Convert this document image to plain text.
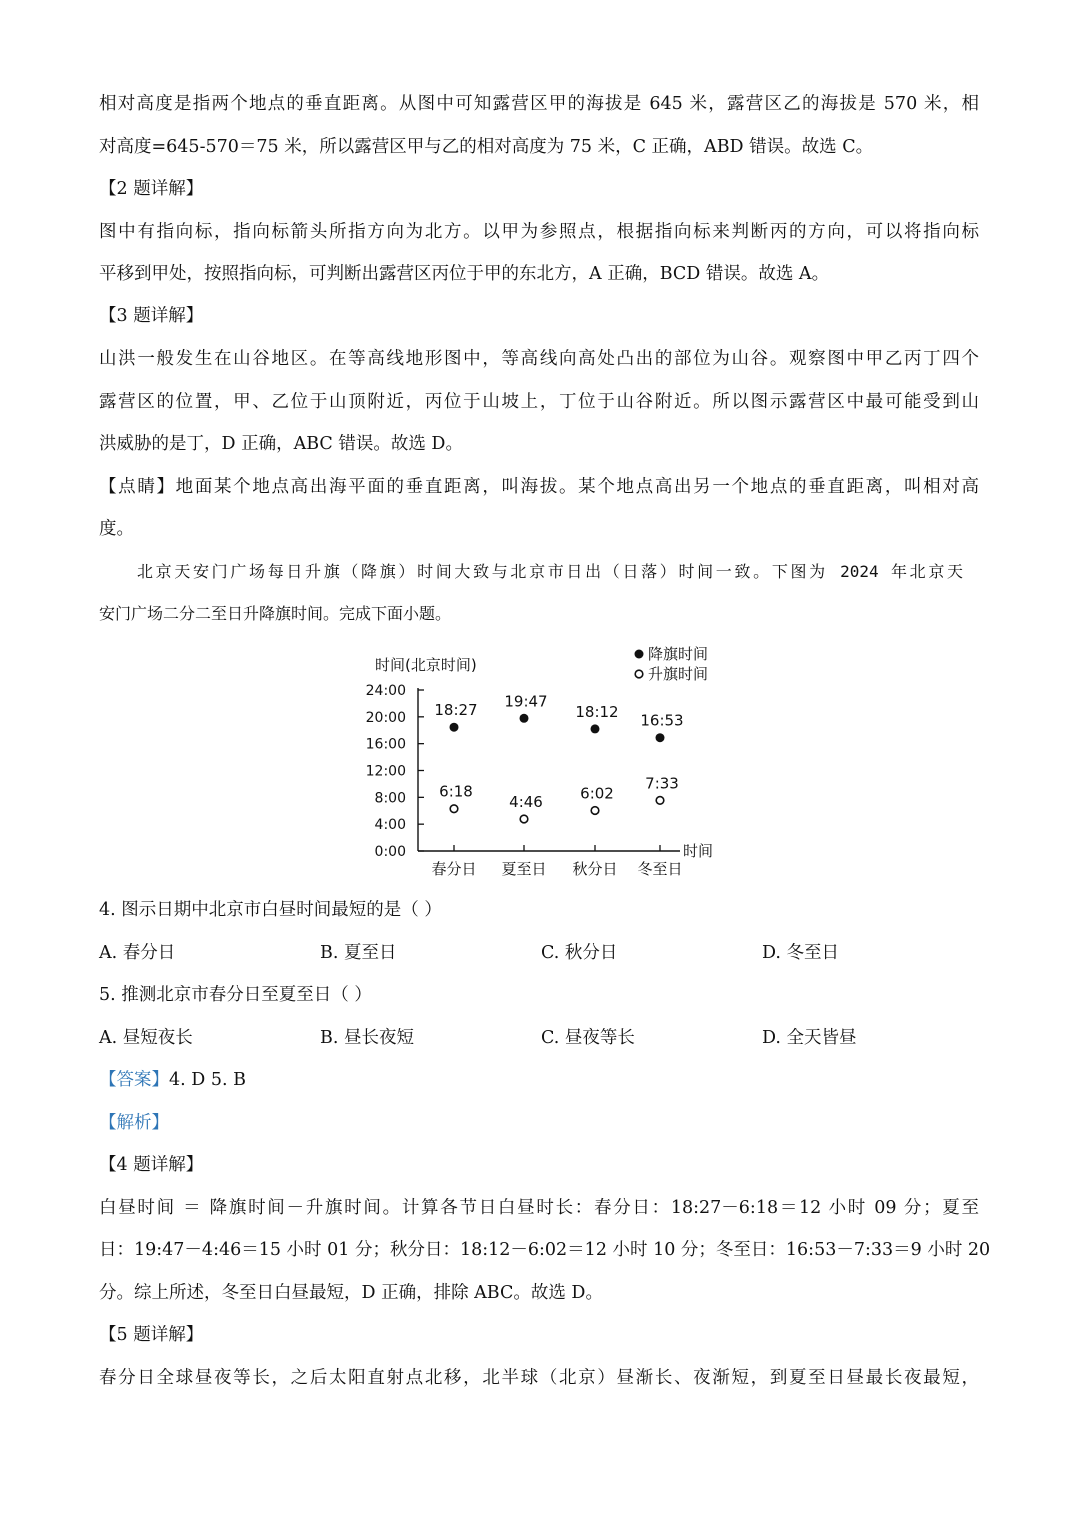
相对高度是指两个地点的垂直距离。从图中可知露营区甲的海拔是 645 米，露营区乙的海拔是 570 米，相
对高度=645-570＝75 米，所以露营区甲与乙的相对高度为 75 米，C 正确，ABD 错误。故选 C。
【2 题详解】
图中有指向标，指向标箭头所指方向为北方。以甲为参照点，根据指向标来判断丙的方向，可以将指向标
平移到甲处，按照指向标，可判断出露营区丙位于甲的东北方，A 正确，BCD 错误。故选 A。
【3 题详解】
山洪一般发生在山谷地区。在等高线地形图中，等高线向高处凸出的部位为山谷。观察图中甲乙丙丁四个
露营区的位置，甲、乙位于山顶附近，丙位于山坡上，丁位于山谷附近。所以图示露营区中最可能受到山
洪威胁的是丁，D 正确，ABC 错误。故选 D。
【点睛】地面某个地点高出海平面的垂直距离，叫海拔。某个地点高出另一个地点的垂直距离，叫相对高
度。
北京天安门广场每日升旗（降旗）时间大致与北京市日出（日落）时间一致。下图为 2024 年北京天
安门广场二分二至日升降旗时间。完成下面小题。
时间(北京时间)
时间
0:00
4:00
8:00
12:00
16:00
20:00
24:00
春分日 夏至日 秋分日 冬至日
18:27 19:47
18:12 16:53
6:18
4:46 6:02
7:33
降旗时间
升旗时间
4. 图示日期中北京市白昼时间最短的是（ ）
A. 春分日	B. 夏至日	C. 秋分日	D. 冬至日
5. 推测北京市春分日至夏至日（ ）
A. 昼短夜长	B. 昼长夜短	C. 昼夜等长	D. 全天皆昼
【答案】4. D 5. B
【解析】
【4 题详解】
白昼时间 ＝ 降旗时间－升旗时间。计算各节日白昼时长：春分日：18:27－6:18＝12 小时 09 分；夏至
日：19:47－4:46＝15 小时 01 分；秋分日：18:12－6:02＝12 小时 10 分；冬至日：16:53－7:33＝9 小时 20
分。综上所述，冬至日白昼最短，D 正确，排除 ABC。故选 D。
【5 题详解】
春分日全球昼夜等长，之后太阳直射点北移，北半球（北京）昼渐长、夜渐短，到夏至日昼最长夜最短，
